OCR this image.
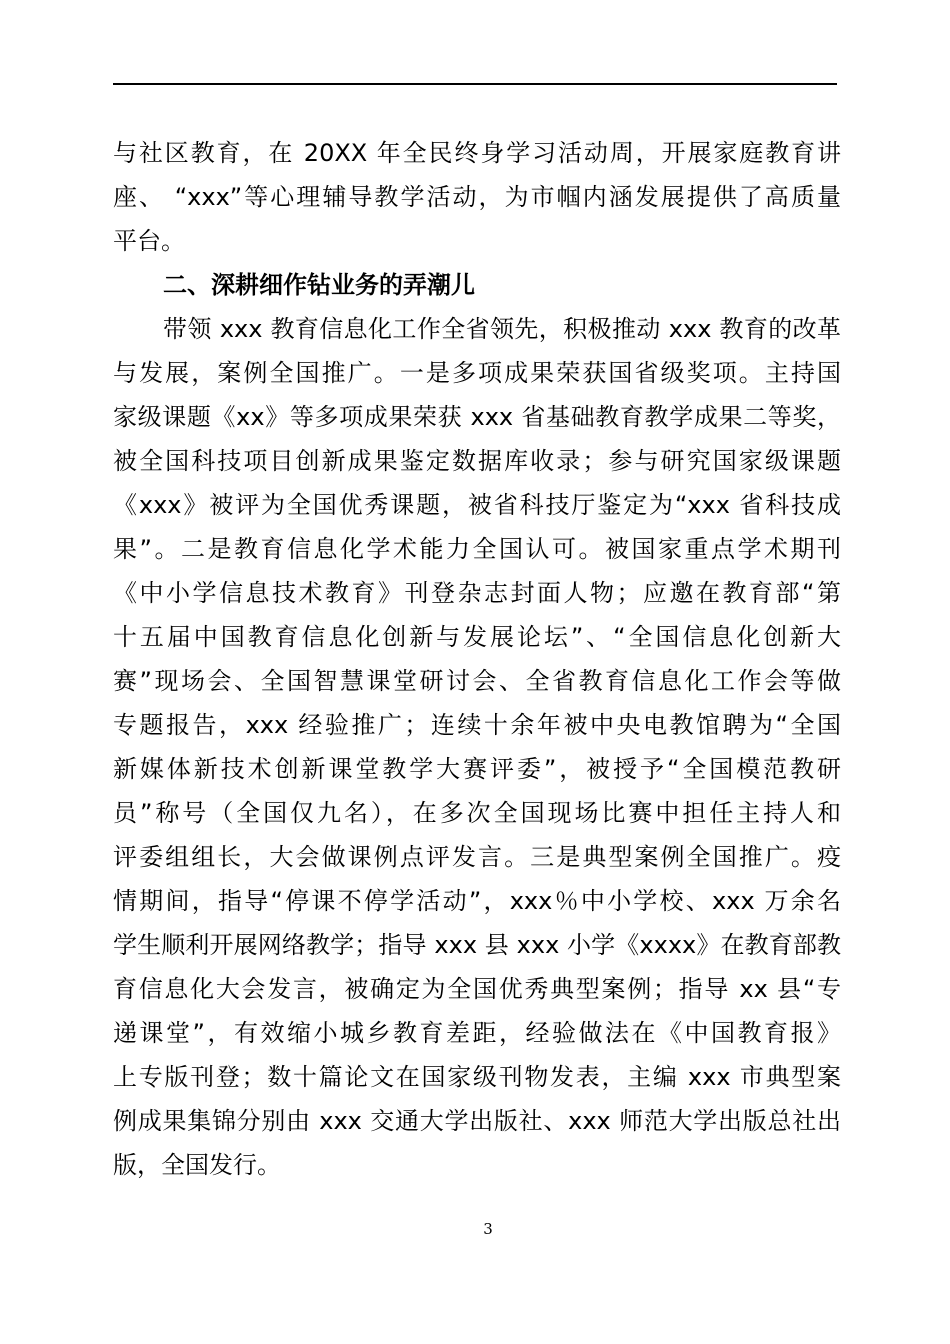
与社区教育，在 20XX 年全民终身学习活动周，开展家庭教育讲
座、 “xxx”等心理辅导教学活动，为市帼内涵发展提供了高质量
平台。
二、深耕细作钻业务的弄潮儿
带领 xxx 教育信息化工作全省领先，积极推动 xxx 教育的改革
与发展，案例全国推广。一是多项成果荣获国省级奖项。主持国
家级课题《xx》等多项成果荣获 xxx 省基础教育教学成果二等奖，
被全国科技项目创新成果鉴定数据库收录；参与研究国家级课题
《xxx》被评为全国优秀课题，被省科技厅鉴定为“xxx 省科技成
果”。二是教育信息化学术能力全国认可。被国家重点学术期刊
《中小学信息技术教育》刊登杂志封面人物；应邀在教育部“第
十五届中国教育信息化创新与发展论坛”、“全国信息化创新大
赛”现场会、全国智慧课堂研讨会、全省教育信息化工作会等做
专题报告，xxx 经验推广；连续十余年被中央电教馆聘为“全国
新媒体新技术创新课堂教学大赛评委”，被授予“全国模范教研
员”称号（全国仅九名），在多次全国现场比赛中担任主持人和
评委组组长，大会做课例点评发言。三是典型案例全国推广。疫
情期间，指导“停课不停学活动”，xxx％中小学校、xxx 万余名
学生顺利开展网络教学；指导 xxx 县 xxx 小学《xxxx》在教育部教
育信息化大会发言，被确定为全国优秀典型案例；指导 xx 县“专
递课堂”，有效缩小城乡教育差距，经验做法在《中国教育报》
上专版刊登；数十篇论文在国家级刊物发表，主编 xxx 市典型案
例成果集锦分别由 xxx 交通大学出版社、xxx 师范大学出版总社出
版，全国发行。
3
